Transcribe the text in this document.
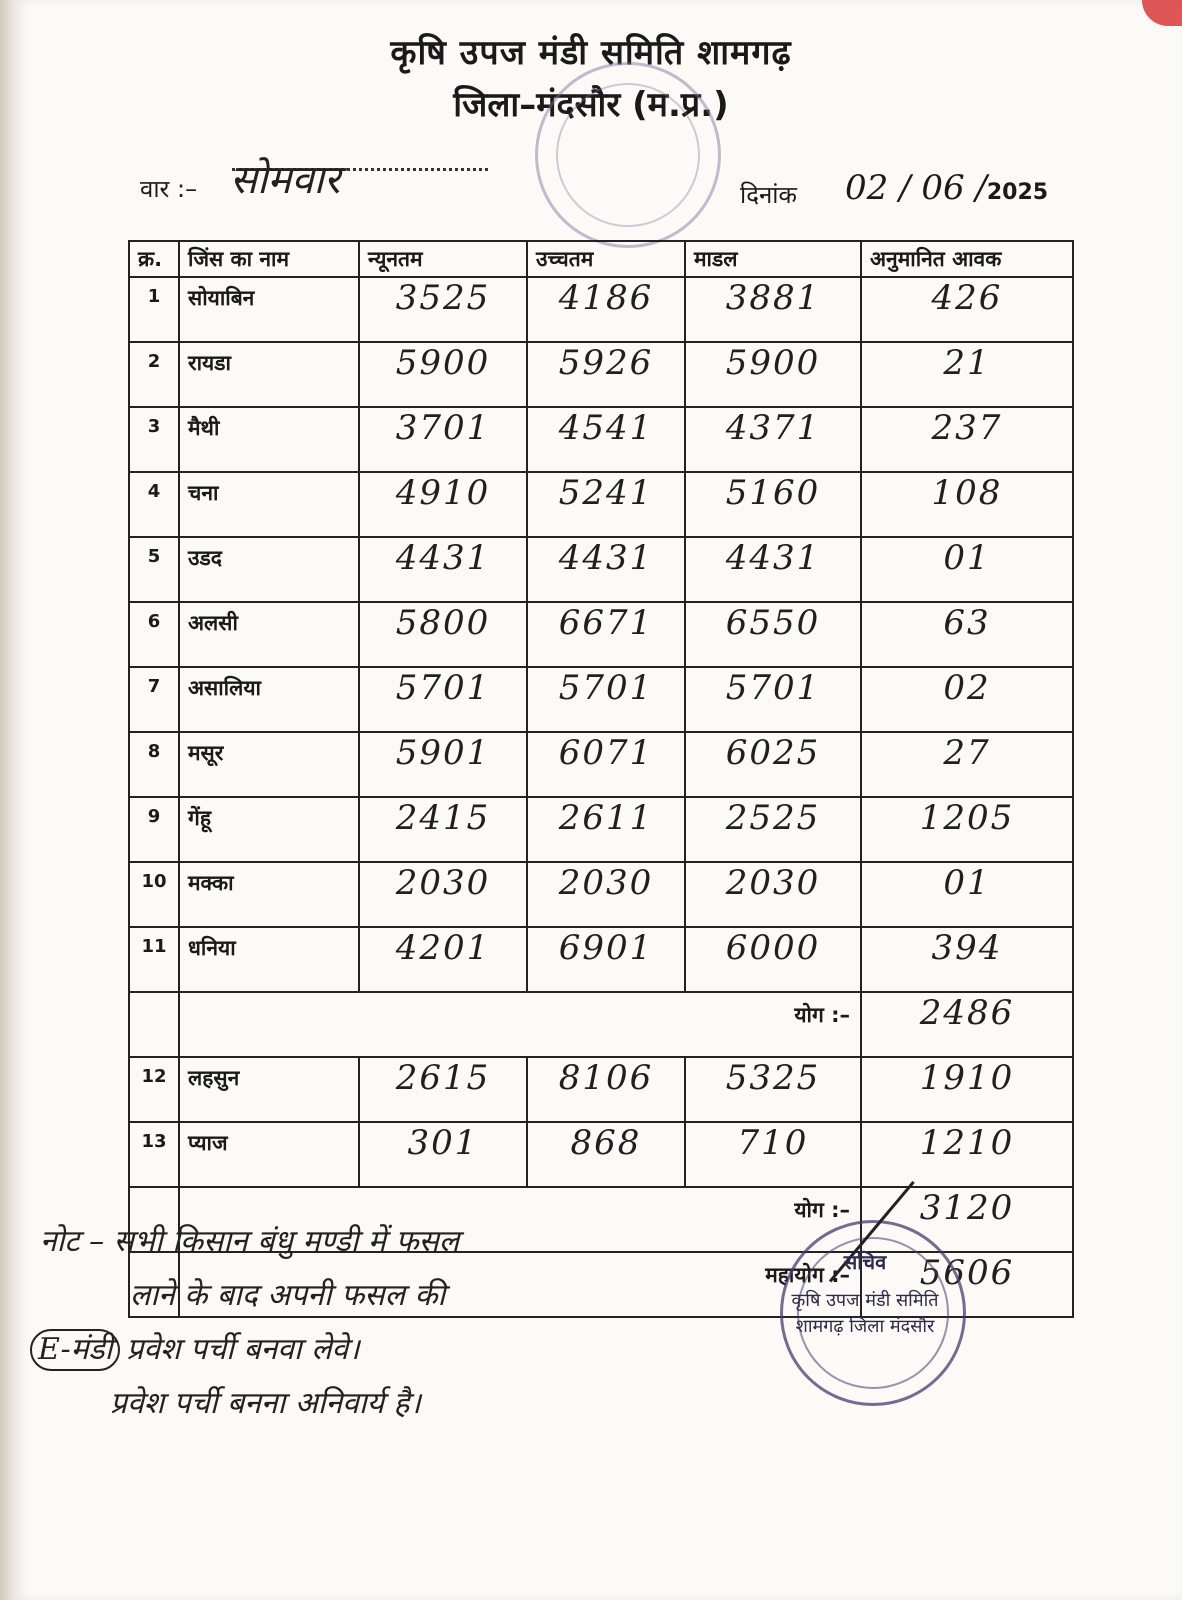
कृषि उपज मंडी समिति शामगढ़
जिला–मंदसौर (म.प्र.)
वार :– सोमवार	दिनांक 02 / 06 /2025
क्र.	जिंस का नाम	न्यूनतम	उच्चतम	माडल	अनुमानित आवक
1	सोयाबिन	3525	4186	3881	426
2	रायडा	5900	5926	5900	21
3	मैथी	3701	4541	4371	237
4	चना	4910	5241	5160	108
5	उडद	4431	4431	4431	01
6	अलसी	5800	6671	6550	63
7	असालिया	5701	5701	5701	02
8	मसूर	5901	6071	6025	27
9	गेंहू	2415	2611	2525	1205
10	मक्का	2030	2030	2030	01
11	धनिया	4201	6901	6000	394
	योग :–				2486
12	लहसुन	2615	8106	5325	1910
13	प्याज	301	868	710	1210
	योग :–				3120
	महायोग :–				5606
नोट – सभी किसान बंधु मण्डी में फसल
लाने के बाद अपनी फसल की
E-मंडी प्रवेश पर्ची बनवा लेवे।
प्रवेश पर्ची बनना अनिवार्य है।
सचिव
कृषि उपज मंडी समिति
शामगढ़ जिला मंदसौर
